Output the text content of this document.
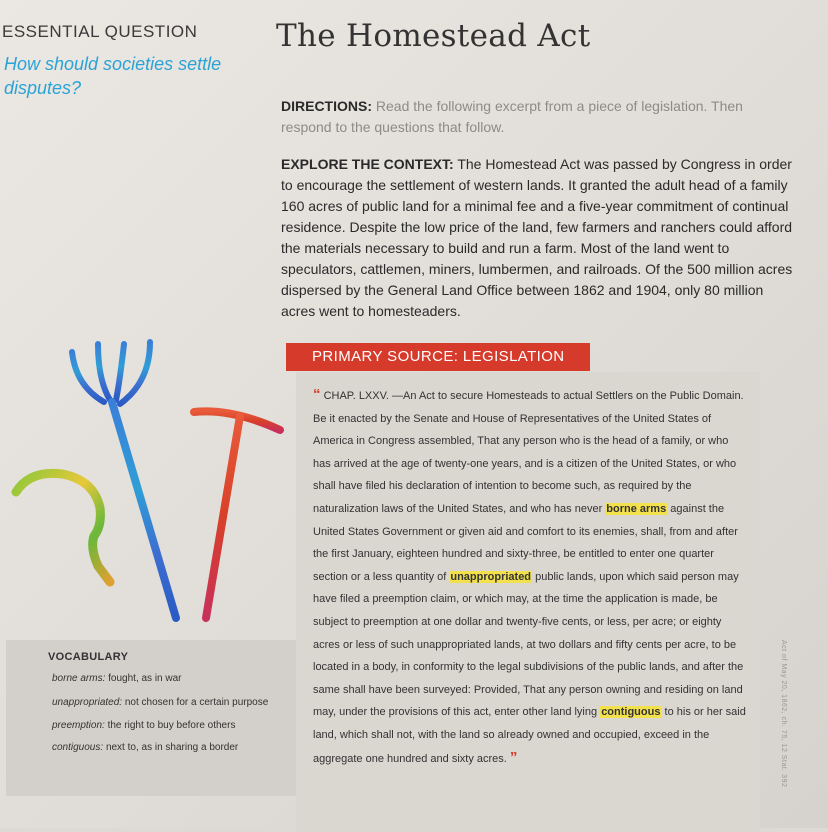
ESSENTIAL QUESTION
How should societies settle disputes?
The Homestead Act
DIRECTIONS: Read the following excerpt from a piece of legislation. Then respond to the questions that follow.
EXPLORE THE CONTEXT: The Homestead Act was passed by Congress in order to encourage the settlement of western lands. It granted the adult head of a family 160 acres of public land for a minimal fee and a five-year commitment of continual residence. Despite the low price of the land, few farmers and ranchers could afford the materials necessary to build and run a farm. Most of the land went to speculators, cattlemen, miners, lumbermen, and railroads. Of the 500 million acres dispersed by the General Land Office between 1862 and 1904, only 80 million acres went to homesteaders.
PRIMARY SOURCE: LEGISLATION
“ CHAP. LXXV. —An Act to secure Homesteads to actual Settlers on the Public Domain.
Be it enacted by the Senate and House of Representatives of the United States of America in Congress assembled, That any person who is the head of a family, or who has arrived at the age of twenty-one years, and is a citizen of the United States, or who shall have filed his declaration of intention to become such, as required by the naturalization laws of the United States, and who has never borne arms against the United States Government or given aid and comfort to its enemies, shall, from and after the first January, eighteen hundred and sixty-three, be entitled to enter one quarter section or a less quantity of unappropriated public lands, upon which said person may have filed a preemption claim, or which may, at the time the application is made, be subject to preemption at one dollar and twenty-five cents, or less, per acre; or eighty acres or less of such unappropriated lands, at two dollars and fifty cents per acre, to be located in a body, in conformity to the legal subdivisions of the public lands, and after the same shall have been surveyed: Provided, That any person owning and residing on land may, under the provisions of this act, enter other land lying contiguous to his or her said land, which shall not, with the land so already owned and occupied, exceed in the aggregate one hundred and sixty acres. ”
VOCABULARY
borne arms: fought, as in war
unappropriated: not chosen for a certain purpose
preemption: the right to buy before others
contiguous: next to, as in sharing a border	Act of May 20, 1862, ch. 75, 12 Stat. 392
